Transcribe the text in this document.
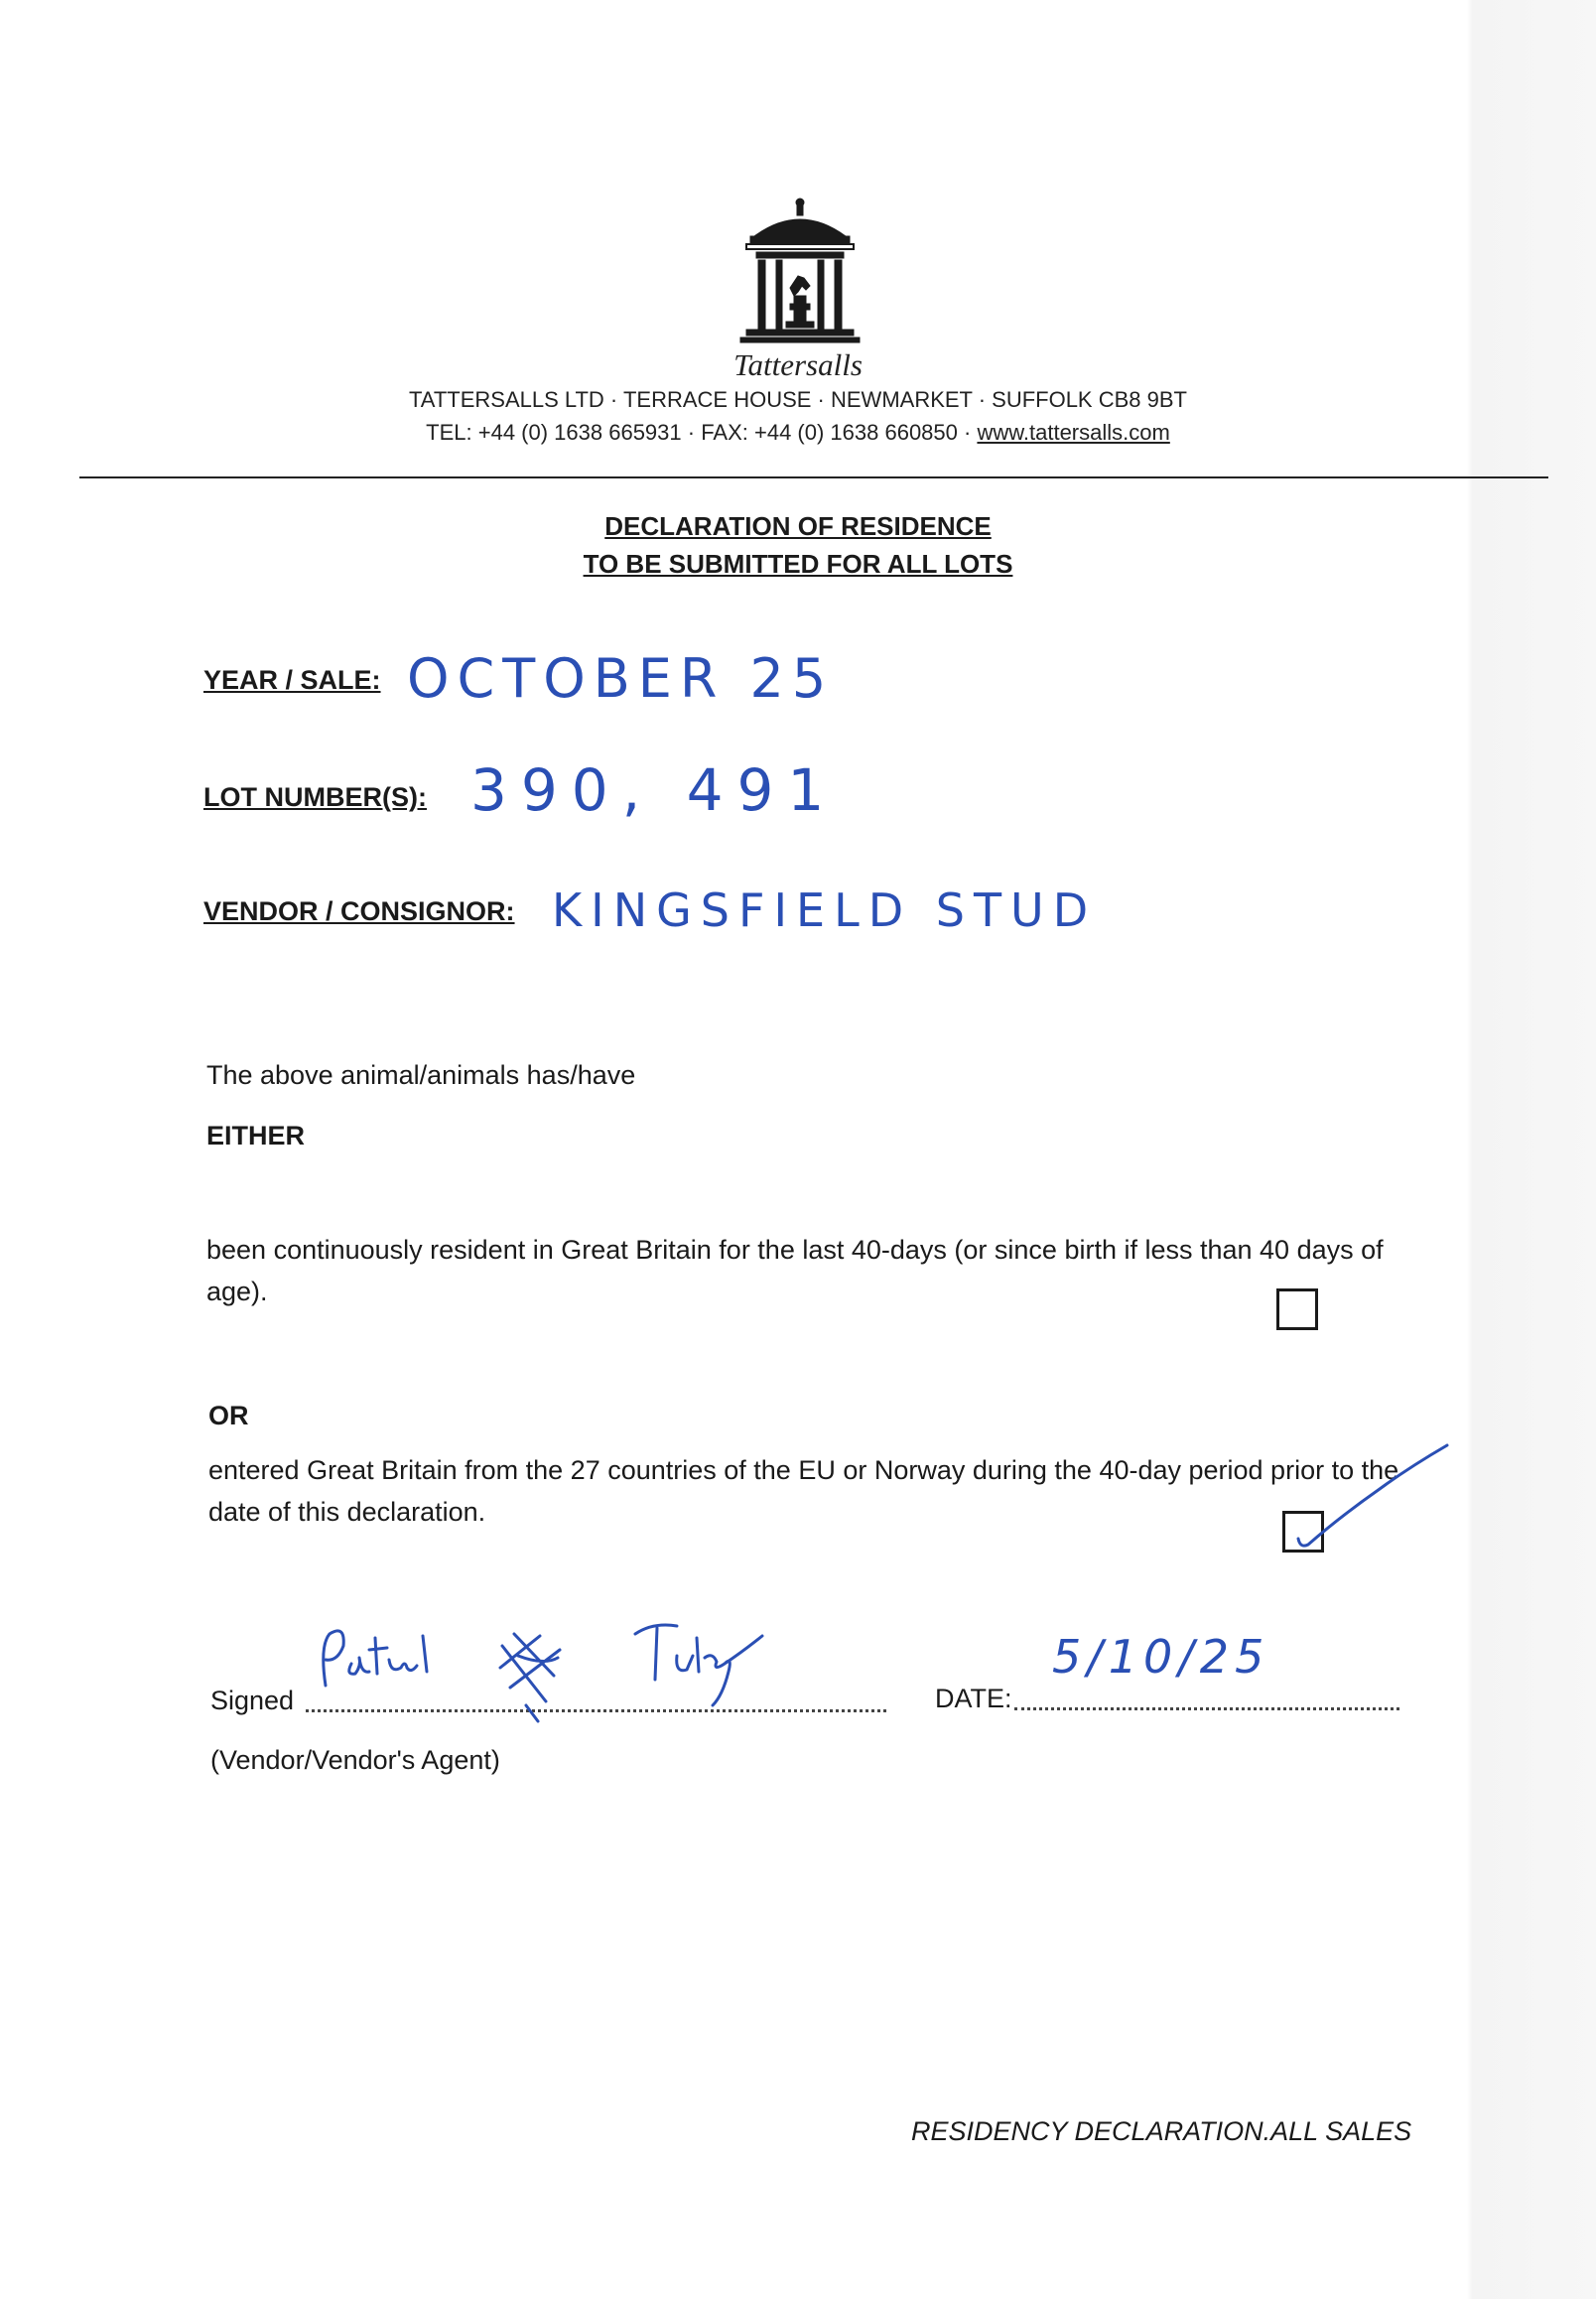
Tattersalls
TATTERSALLS LTD · TERRACE HOUSE · NEWMARKET · SUFFOLK CB8 9BT
TEL: +44 (0) 1638 665931 · FAX: +44 (0) 1638 660850 · www.tattersalls.com
DECLARATION OF RESIDENCE
TO BE SUBMITTED FOR ALL LOTS
YEAR / SALE: OCTOBER 25
LOT NUMBER(S): 390, 491
VENDOR / CONSIGNOR: KINGSFIELD STUD
The above animal/animals has/have
EITHER
been continuously resident in Great Britain for the last 40-days (or since birth if less than 40 days of age).
OR
entered Great Britain from the 27 countries of the EU or Norway during the 40-day period prior to the date of this declaration.
Signed	DATE:
5/10/25
(Vendor/Vendor's Agent)
RESIDENCY DECLARATION.ALL SALES
